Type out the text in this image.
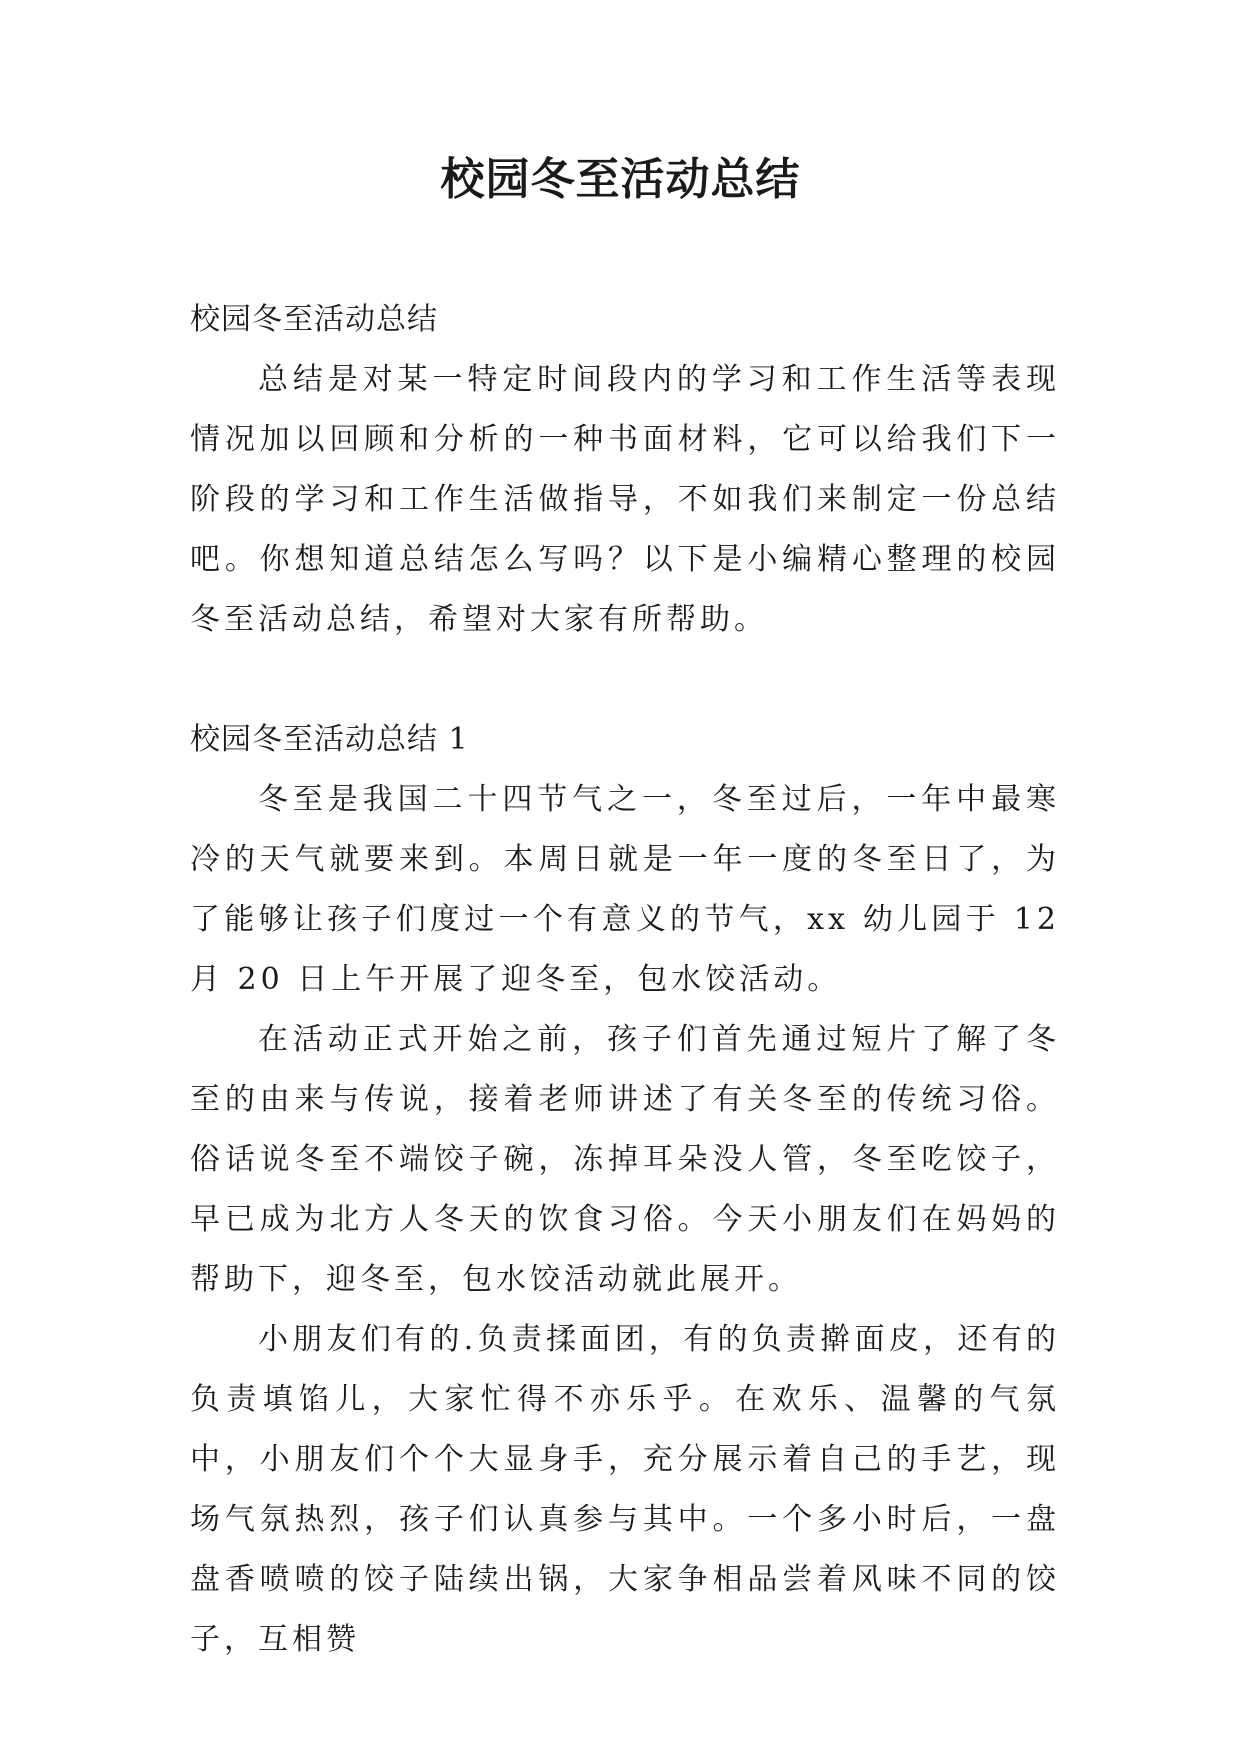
校园冬至活动总结

校园冬至活动总结

总结是对某一特定时间段内的学习和工作生活等表现情况加以回顾和分析的一种书面材料，它可以给我们下一阶段的学习和工作生活做指导，不如我们来制定一份总结吧。你想知道总结怎么写吗？以下是小编精心整理的校园冬至活动总结，希望对大家有所帮助。

校园冬至活动总结 1

冬至是我国二十四节气之一，冬至过后，一年中最寒冷的天气就要来到。本周日就是一年一度的冬至日了，为了能够让孩子们度过一个有意义的节气，xx 幼儿园于 12 月 20 日上午开展了迎冬至，包水饺活动。

在活动正式开始之前，孩子们首先通过短片了解了冬至的由来与传说，接着老师讲述了有关冬至的传统习俗。俗话说冬至不端饺子碗，冻掉耳朵没人管，冬至吃饺子，早已成为北方人冬天的饮食习俗。今天小朋友们在妈妈的帮助下，迎冬至，包水饺活动就此展开。

小朋友们有的.负责揉面团，有的负责擀面皮，还有的负责填馅儿，大家忙得不亦乐乎。在欢乐、温馨的气氛中，小朋友们个个大显身手，充分展示着自己的手艺，现场气氛热烈，孩子们认真参与其中。一个多小时后，一盘盘香喷喷的饺子陆续出锅，大家争相品尝着风味不同的饺子，互相赞
